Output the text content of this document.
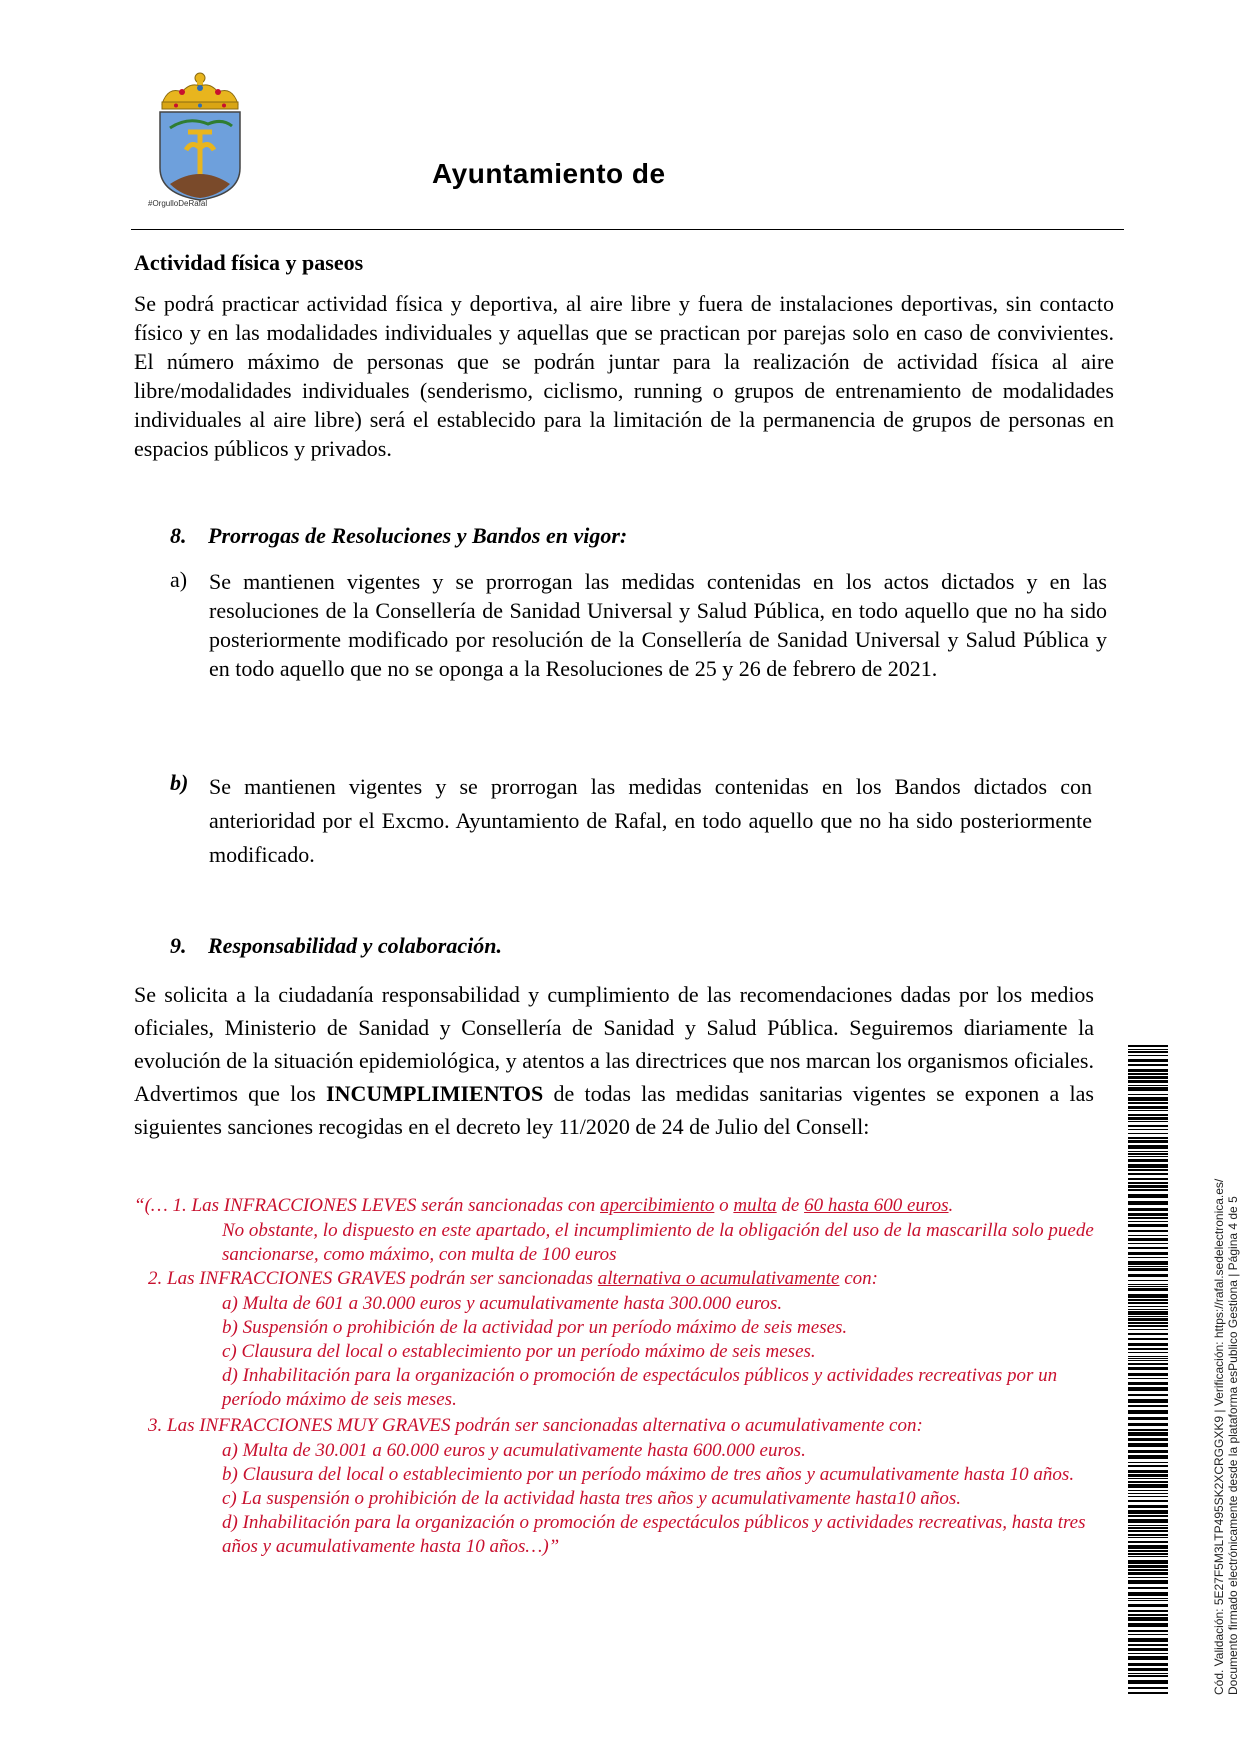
#OrgulloDeRafal
Ayuntamiento de
Actividad física y paseos
Se podrá practicar actividad física y deportiva, al aire libre y fuera de instalaciones deportivas, sin contacto físico y en las modalidades individuales y aquellas que se practican por parejas solo en caso de convivientes. El número máximo de personas que se podrán juntar para la realización de actividad física al aire libre/modalidades individuales (senderismo, ciclismo, running o grupos de entrenamiento de modalidades individuales al aire libre) será el establecido para la limitación de la permanencia de grupos de personas en espacios públicos y privados.
8. Prorrogas de Resoluciones y Bandos en vigor:
a) Se mantienen vigentes y se prorrogan las medidas contenidas en los actos dictados y en las resoluciones de la Consellería de Sanidad Universal y Salud Pública, en todo aquello que no ha sido posteriormente modificado por resolución de la Consellería de Sanidad Universal y Salud Pública y en todo aquello que no se oponga a la Resoluciones de 25 y 26 de febrero de 2021.
b) Se mantienen vigentes y se prorrogan las medidas contenidas en los Bandos dictados con anterioridad por el Excmo. Ayuntamiento de Rafal, en todo aquello que no ha sido posteriormente modificado.
9. Responsabilidad y colaboración.
Se solicita a la ciudadanía responsabilidad y cumplimiento de las recomendaciones dadas por los medios oficiales, Ministerio de Sanidad y Consellería de Sanidad y Salud Pública. Seguiremos diariamente la evolución de la situación epidemiológica, y atentos a las directrices que nos marcan los organismos oficiales. Advertimos que los INCUMPLIMIENTOS de todas las medidas sanitarias vigentes se exponen a las siguientes sanciones recogidas en el decreto ley 11/2020 de 24 de Julio del Consell:
“(… 1. Las INFRACCIONES LEVES serán sancionadas con apercibimiento o multa de 60 hasta 600 euros.
No obstante, lo dispuesto en este apartado, el incumplimiento de la obligación del uso de la mascarilla solo puede sancionarse, como máximo, con multa de 100 euros
2. Las INFRACCIONES GRAVES podrán ser sancionadas alternativa o acumulativamente con:
a) Multa de 601 a 30.000 euros y acumulativamente hasta 300.000 euros.
b) Suspensión o prohibición de la actividad por un período máximo de seis meses.
c) Clausura del local o establecimiento por un período máximo de seis meses.
d) Inhabilitación para la organización o promoción de espectáculos públicos y actividades recreativas por un período máximo de seis meses.
3. Las INFRACCIONES MUY GRAVES podrán ser sancionadas alternativa o acumulativamente con:
a) Multa de 30.001 a 60.000 euros y acumulativamente hasta 600.000 euros.
b) Clausura del local o establecimiento por un período máximo de tres años y acumulativamente hasta 10 años.
c) La suspensión o prohibición de la actividad hasta tres años y acumulativamente hasta10 años.
d) Inhabilitación para la organización o promoción de espectáculos públicos y actividades recreativas, hasta tres años y acumulativamente hasta 10 años…)”	Cód. Validación: 5E27F5M3LTP495SK2XCRGGXK9 | Verificación: https://rafal.sedelectronica.es/ Documento firmado electrónicamente desde la plataforma esPublico Gestiona | Página 4 de 5
